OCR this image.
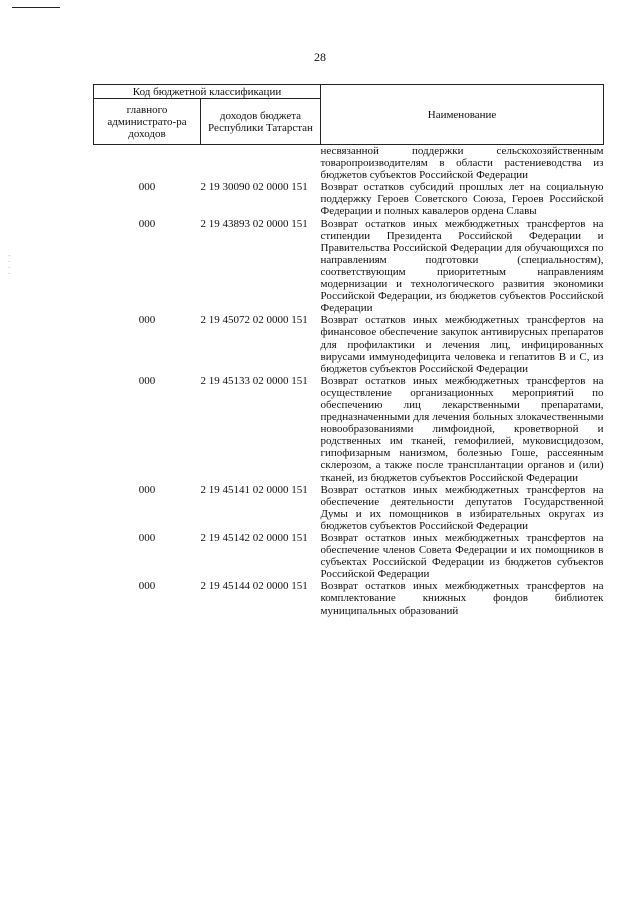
28
·
·
·
·
Код бюджетной классификации		Наименование
главного администрато-ра доходов	доходов бюджета Республики Татарстан	

		несвязанной поддержки сельскохозяйственным товаропроизводителям в области растениеводства из бюджетов субъектов Российской Федерации

000	2 19 30090 02 0000 151	Возврат остатков субсидий прошлых лет на социальную поддержку Героев Советского Союза, Героев Российской Федерации и полных кавалеров ордена Славы

000	2 19 43893 02 0000 151	Возврат остатков иных межбюджетных трансфертов на стипендии Президента Российской Федерации и Правительства Российской Федерации для обучающихся по направлениям подготовки (специальностям), соответствующим приоритетным направлениям модернизации и технологического развития экономики Российской Федерации, из бюджетов субъектов Российской Федерации

000	2 19 45072 02 0000 151	Возврат остатков иных межбюджетных трансфертов на финансовое обеспечение закупок антивирусных препаратов для профилактики и лечения лиц, инфицированных вирусами иммунодефицита человека и гепатитов В и С, из бюджетов субъектов Российской Федерации

000	2 19 45133 02 0000 151	Возврат остатков иных межбюджетных трансфертов на осуществление организационных мероприятий по обеспечению лиц лекарственными препаратами, предназначенными для лечения больных злокачественными новообразованиями лимфоидной, кроветворной и родственных им тканей, гемофилией, муковисцидозом, гипофизарным нанизмом, болезнью Гоше, рассеянным склерозом, а также после трансплантации органов и (или) тканей, из бюджетов субъектов Российской Федерации

000	2 19 45141 02 0000 151	Возврат остатков иных межбюджетных трансфертов на обеспечение деятельности депутатов Государственной Думы и их помощников в избирательных округах из бюджетов субъектов Российской Федерации

000	2 19 45142 02 0000 151	Возврат остатков иных межбюджетных трансфертов на обеспечение членов Совета Федерации и их помощников в субъектах Российской Федерации из бюджетов субъектов Российской Федерации

000	2 19 45144 02 0000 151	Возврат остатков иных межбюджетных трансфертов на комплектование книжных фондов библиотек муниципальных образований
